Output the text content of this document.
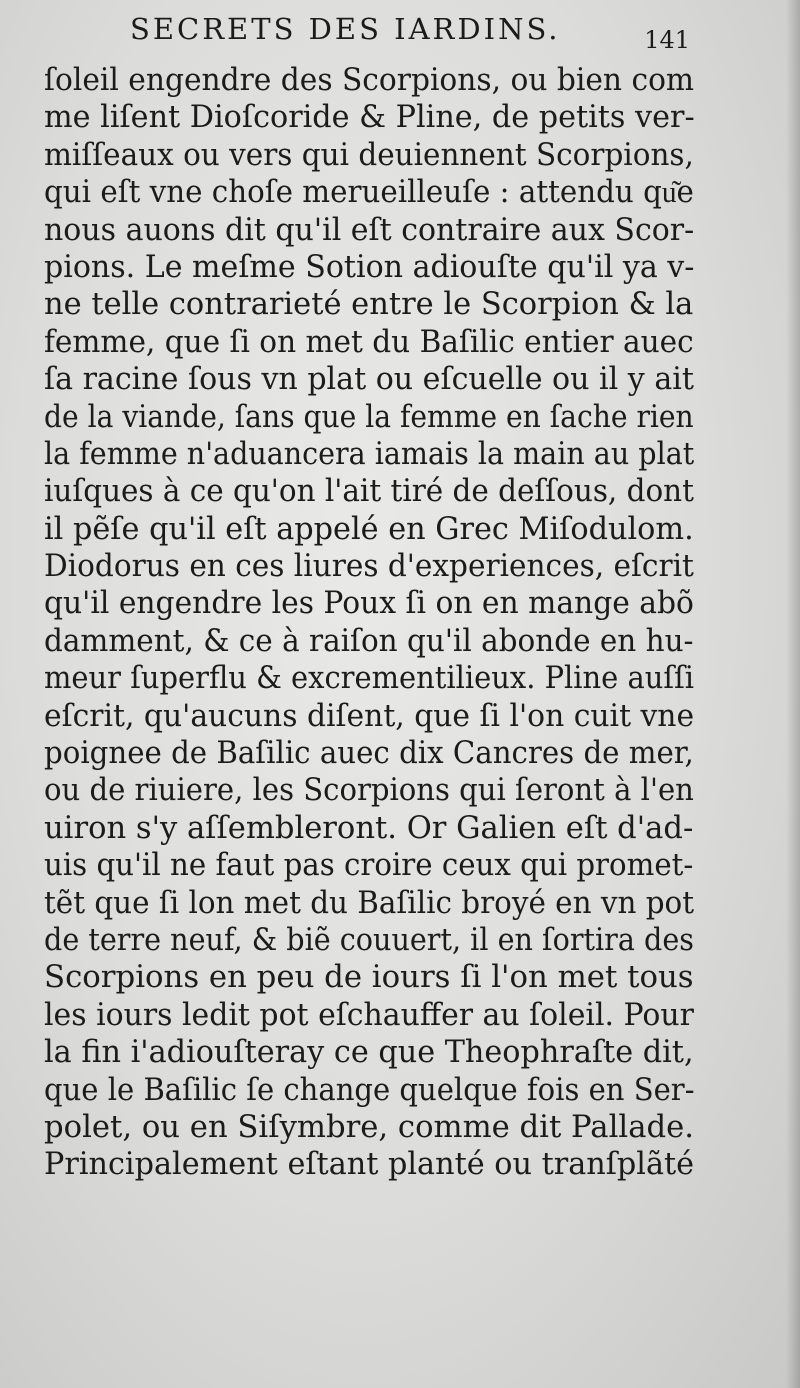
SECRETS DES IARDINS.	141
ſoleil engendre des Scorpions, ou bien com
me liſent Dioſcoride & Pline, de petits ver-
miſſeaux ou vers qui deuiennent Scorpions,
qui eſt vne choſe merueilleuſe : attendu qu͂e
nous auons dit qu'il eſt contraire aux Scor-
pions. Le meſme Sotion adiouſte qu'il ya v-
ne telle contrarieté entre le Scorpion & la
femme, que ſi on met du Baſilic entier auec
ſa racine ſous vn plat ou eſcuelle ou il y ait
de la viande, ſans que la femme en ſache rien
la femme n'aduancera iamais la main au plat
iuſques à ce qu'on l'ait tiré de deſſous, dont
il pẽſe qu'il eſt appelé en Grec Miſodulom.
Diodorus en ces liures d'experiences, eſcrit
qu'il engendre les Poux ſi on en mange abõ
damment, & ce à raiſon qu'il abonde en hu-
meur ſuperflu & excrementilieux. Pline auſſi
eſcrit, qu'aucuns diſent, que ſi l'on cuit vne
poignee de Baſilic auec dix Cancres de mer,
ou de riuiere, les Scorpions qui ſeront à l'en
uiron s'y aſſembleront. Or Galien eſt d'ad-
uis qu'il ne faut pas croire ceux qui promet-
tẽt que ſi lon met du Baſilic broyé en vn pot
de terre neuf, & biẽ couuert, il en ſortira des
Scorpions en peu de iours ſi l'on met tous
les iours ledit pot eſchauffer au ſoleil. Pour
la fin i'adiouſteray ce que Theophraſte dit,
que le Baſilic ſe change quelque fois en Ser-
polet, ou en Siſymbre, comme dit Pallade.
Principalement eſtant planté ou tranſplãté
